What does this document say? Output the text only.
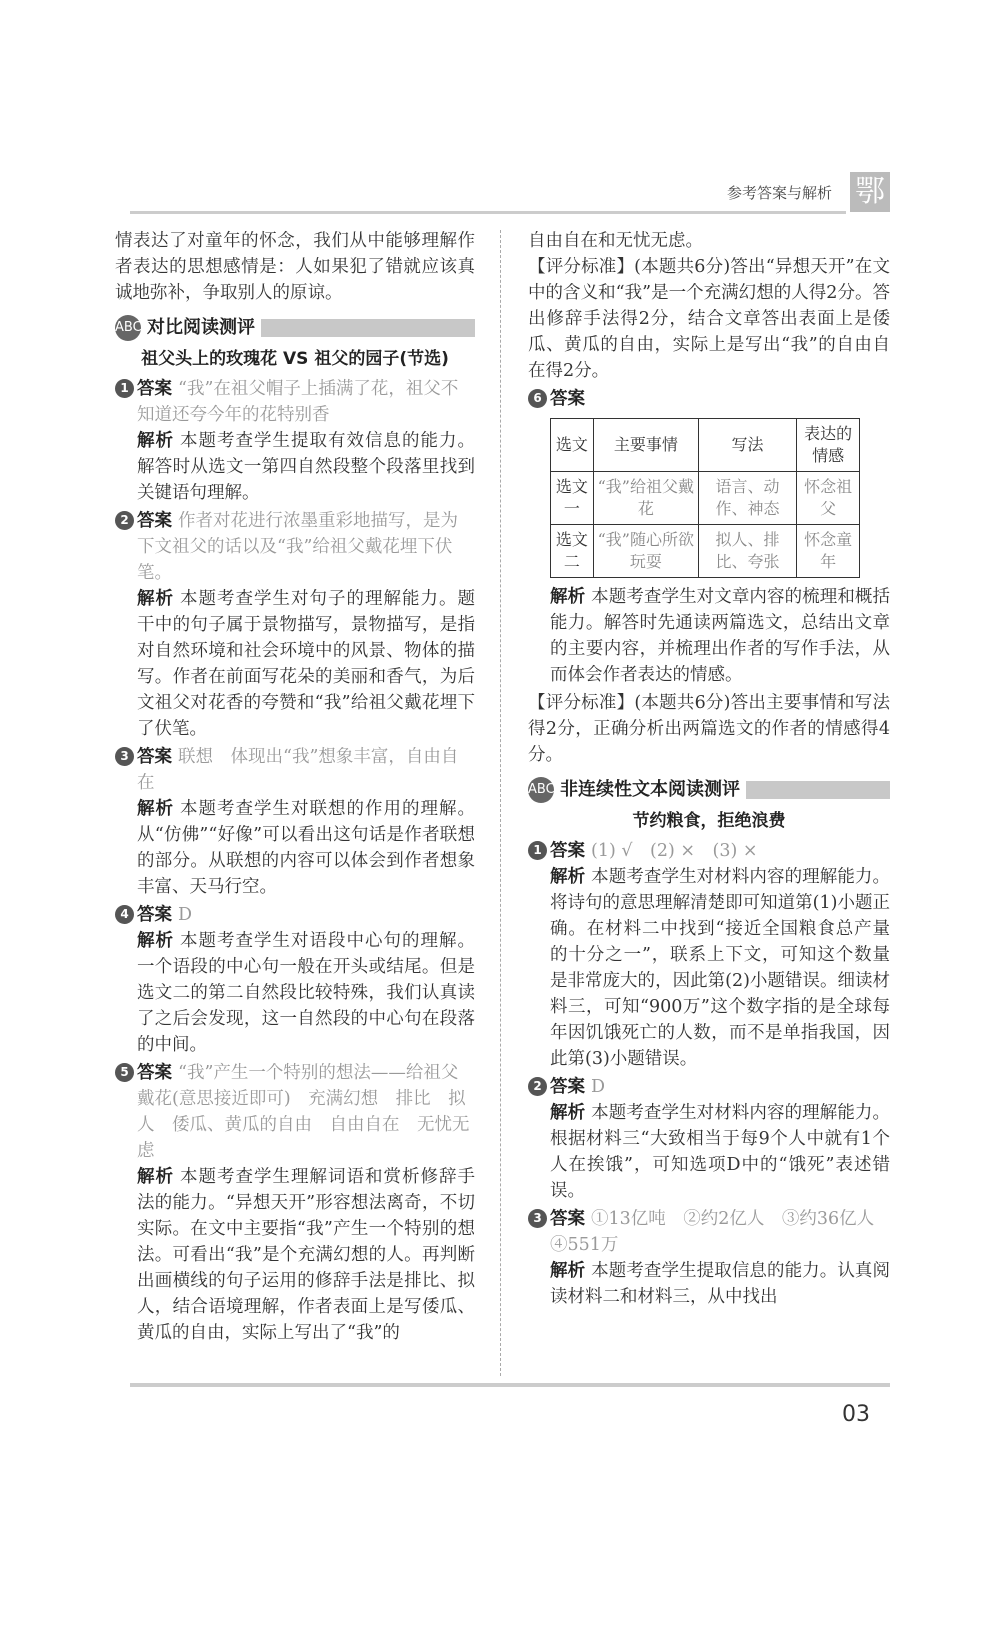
参考答案与解析 鄂

情表达了对童年的怀念，我们从中能够理解作者表达的思想感情是：人如果犯了错就应该真诚地弥补，争取别人的原谅。

ABC 对比阅读测评
祖父头上的玫瑰花 VS 祖父的园子(节选)
1 答案 “我”在祖父帽子上插满了花，祖父不知道还夸今年的花特别香
解析 本题考查学生提取有效信息的能力。解答时从选文一第四自然段整个段落里找到关键语句理解。
2 答案 作者对花进行浓墨重彩地描写，是为下文祖父的话以及“我”给祖父戴花埋下伏笔。
解析 本题考查学生对句子的理解能力。题干中的句子属于景物描写，景物描写，是指对自然环境和社会环境中的风景、物体的描写。作者在前面写花朵的美丽和香气，为后文祖父对花香的夸赞和“我”给祖父戴花埋下了伏笔。
3 答案 联想　体现出“我”想象丰富，自由自在
解析 本题考查学生对联想的作用的理解。从“仿佛”“好像”可以看出这句话是作者联想的部分。从联想的内容可以体会到作者想象丰富、天马行空。
4 答案 D
解析 本题考查学生对语段中心句的理解。一个语段的中心句一般在开头或结尾。但是选文二的第二自然段比较特殊，我们认真读了之后会发现，这一自然段的中心句在段落的中间。
5 答案 “我”产生一个特别的想法——给祖父戴花(意思接近即可)　充满幻想　排比　拟人　倭瓜、黄瓜的自由　自由自在　无忧无虑
解析 本题考查学生理解词语和赏析修辞手法的能力。“异想天开”形容想法离奇，不切实际。在文中主要指“我”产生一个特别的想法。可看出“我”是个充满幻想的人。再判断出画横线的句子运用的修辞手法是排比、拟人，结合语境理解，作者表面上是写倭瓜、黄瓜的自由，实际上写出了“我”的

自由自在和无忧无虑。

【评分标准】(本题共6分)答出“异想天开”在文中的含义和“我”是一个充满幻想的人得2分。答出修辞手法得2分，结合文章答出表面上是倭瓜、黄瓜的自由，实际上是写出“我”的自由自在得2分。

6 答案
选文	主要事情	写法	表达的情感
选文一	“我”给祖父戴花	语言、动作、神态	怀念祖父
选文二	“我”随心所欲玩耍	拟人、排比、夸张	怀念童年
解析 本题考查学生对文章内容的梳理和概括能力。解答时先通读两篇选文，总结出文章的主要内容，并梳理出作者的写作手法，从而体会作者表达的情感。

【评分标准】(本题共6分)答出主要事情和写法得2分，正确分析出两篇选文的作者的情感得4分。

ABC 非连续性文本阅读测评
节约粮食，拒绝浪费
1 答案 (1) √　(2) ×　(3) ×
解析 本题考查学生对材料内容的理解能力。将诗句的意思理解清楚即可知道第(1)小题正确。在材料二中找到“接近全国粮食总产量的十分之一”，联系上下文，可知这个数量是非常庞大的，因此第(2)小题错误。细读材料三，可知“900万”这个数字指的是全球每年因饥饿死亡的人数，而不是单指我国，因此第(3)小题错误。
2 答案 D
解析 本题考查学生对材料内容的理解能力。根据材料三“大致相当于每9个人中就有1个人在挨饿”，可知选项D中的“饿死”表述错误。
3 答案 ①13亿吨　②约2亿人　③约36亿人　④551万
解析 本题考查学生提取信息的能力。认真阅读材料二和材料三，从中找出
03
